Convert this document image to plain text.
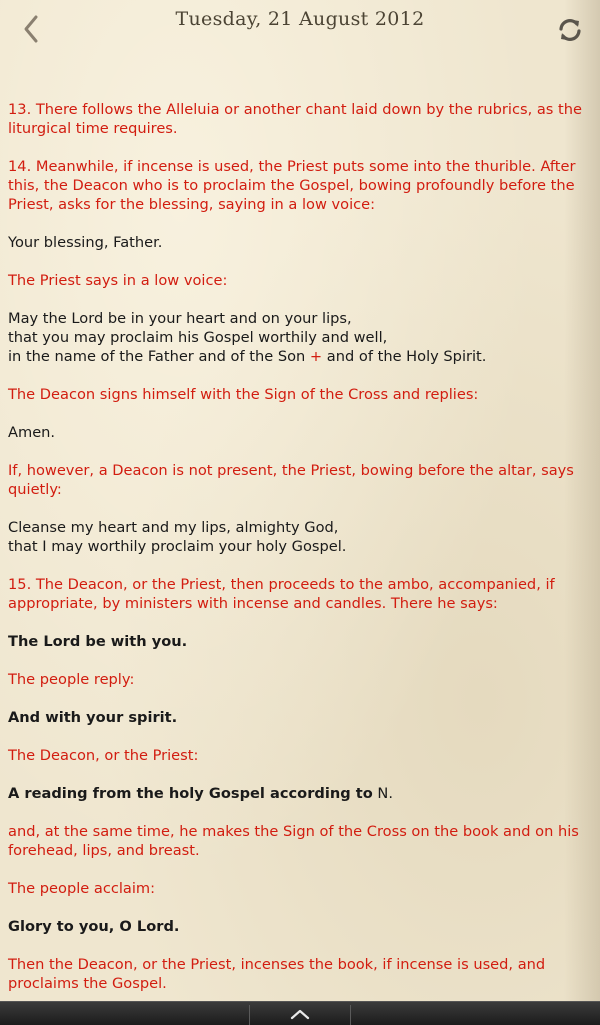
Tuesday, 21 August 2012

13. There follows the Alleluia or another chant laid down by the rubrics, as the liturgical time requires.

14. Meanwhile, if incense is used, the Priest puts some into the thurible. After this, the Deacon who is to proclaim the Gospel, bowing profoundly before the Priest, asks for the blessing, saying in a low voice:

Your blessing, Father.

The Priest says in a low voice:

May the Lord be in your heart and on your lips,
that you may proclaim his Gospel worthily and well,
in the name of the Father and of the Son + and of the Holy Spirit.

The Deacon signs himself with the Sign of the Cross and replies:

Amen.

If, however, a Deacon is not present, the Priest, bowing before the altar, says quietly:

Cleanse my heart and my lips, almighty God,
that I may worthily proclaim your holy Gospel.

15. The Deacon, or the Priest, then proceeds to the ambo, accompanied, if appropriate, by ministers with incense and candles. There he says:

The Lord be with you.

The people reply:

And with your spirit.

The Deacon, or the Priest:

A reading from the holy Gospel according to N.

and, at the same time, he makes the Sign of the Cross on the book and on his forehead, lips, and breast.

The people acclaim:

Glory to you, O Lord.

Then the Deacon, or the Priest, incenses the book, if incense is used, and proclaims the Gospel.
